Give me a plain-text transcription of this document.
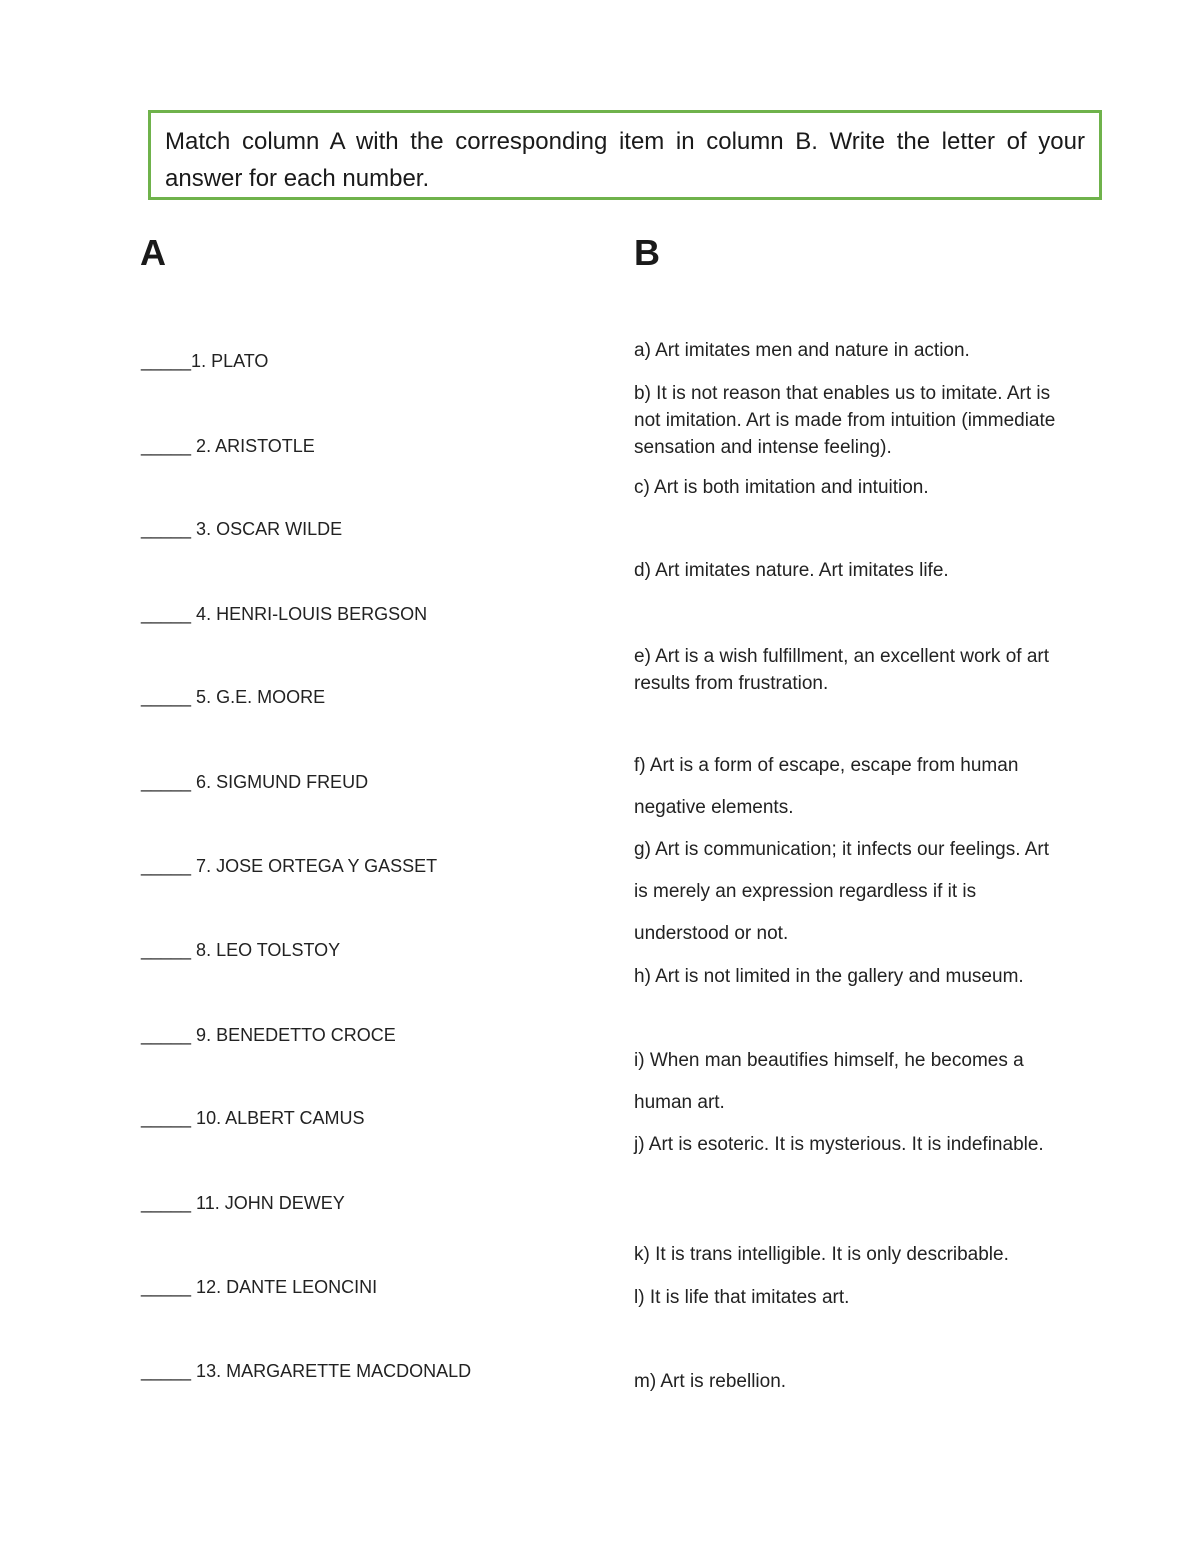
Match column A with the corresponding item in column B. Write the letter of your answer for each number.
A	B
_____1. PLATO
_____ 2. ARISTOTLE
_____ 3. OSCAR WILDE
_____ 4. HENRI-LOUIS BERGSON
_____ 5. G.E. MOORE
_____ 6. SIGMUND FREUD
_____ 7. JOSE ORTEGA Y GASSET
_____ 8. LEO TOLSTOY
_____ 9. BENEDETTO CROCE
_____ 10. ALBERT CAMUS
_____ 11. JOHN DEWEY
_____ 12. DANTE LEONCINI
_____ 13. MARGARETTE MACDONALD
a) Art imitates men and nature in action.
b) It is not reason that enables us to imitate. Art is not imitation. Art is made from intuition (immediate sensation and intense feeling).
c) Art is both imitation and intuition.
d) Art imitates nature. Art imitates life.
e) Art is a wish fulfillment, an excellent work of art results from frustration.
f) Art is a form of escape, escape from human negative elements.
g) Art is communication; it infects our feelings. Art is merely an expression regardless if it is understood or not.
h) Art is not limited in the gallery and museum.
i) When man beautifies himself, he becomes a human art.
j) Art is esoteric. It is mysterious. It is indefinable.
k) It is trans intelligible. It is only describable.
l) It is life that imitates art.
m) Art is rebellion.
